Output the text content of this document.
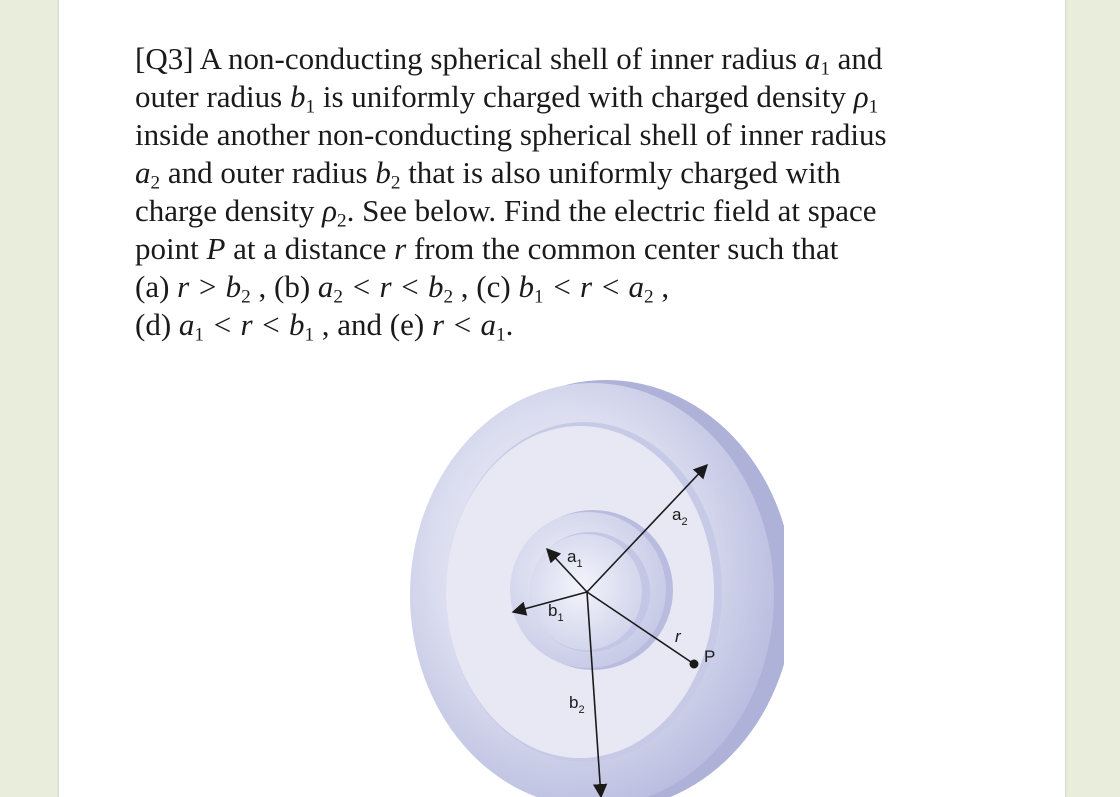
[Q3] A non-conducting spherical shell of inner radius $a_1$ and
outer radius $b_1$ is uniformly charged with charged density $\rho_1$
inside another non-conducting spherical shell of inner radius
$a_2$ and outer radius $b_2$ that is also uniformly charged with
charge density $\rho_2$. See below. Find the electric field at space
point P at a distance r from the common center such that
(a) $r > b_2$ , (b) $a_2 < r < b_2$ , (c) $b_1 < r < a_2$ ,
(d) $a_1 < r < b_1$ , and (e) $r < a_1$.
$a_1$
$b_1$
$a_2$
$b_2$
r
P
